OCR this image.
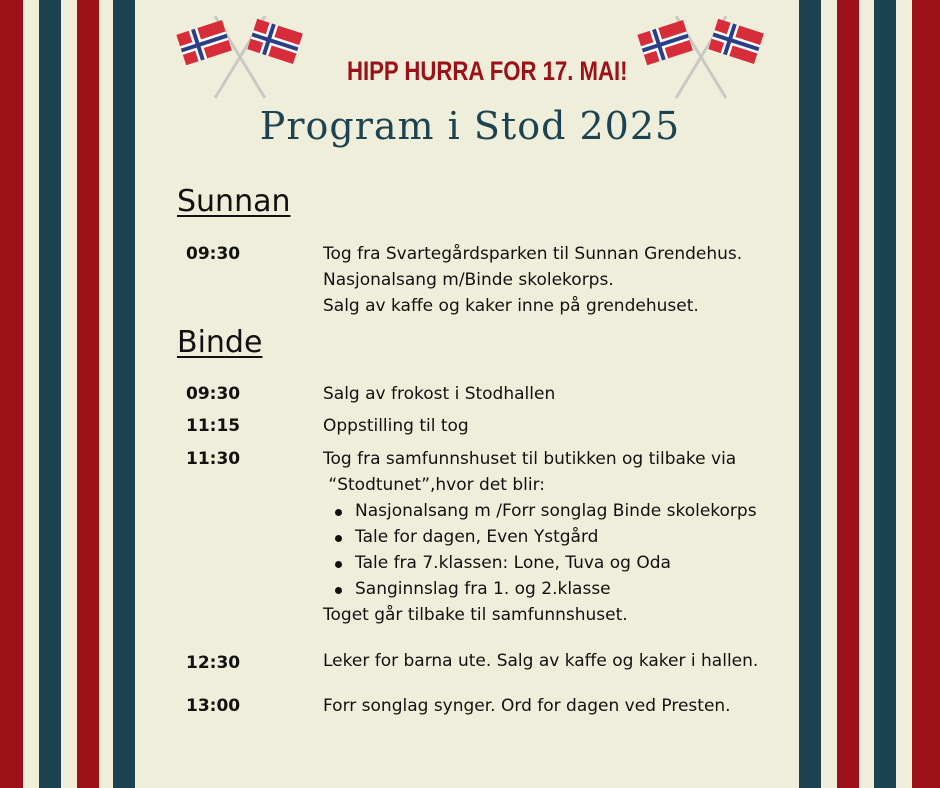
HIPP HURRA FOR 17. MAI!
Program i Stod 2025
Sunnan
09:30	Tog fra Svartegårdsparken til Sunnan Grendehus.

Nasjonalsang m/Binde skolekorps.

Salg av kaffe og kaker inne på grendehuset.

Binde
09:30	Salg av frokost i Stodhallen

11:15	Oppstilling til tog

11:30	Tog fra samfunnshuset til butikken og tilbake via

“Stodtunet”,hvor det blir:

Nasjonalsang m /Forr songlag Binde skolekorps
Tale for dagen, Even Ystgård
Tale fra 7.klassen: Lone, Tuva og Oda
Sanginnslag fra 1. og 2.klasse

Toget går tilbake til samfunnshuset.

12:30	Leker for barna ute. Salg av kaffe og kaker i hallen.

13:00	Forr songlag synger. Ord for dagen ved Presten.
